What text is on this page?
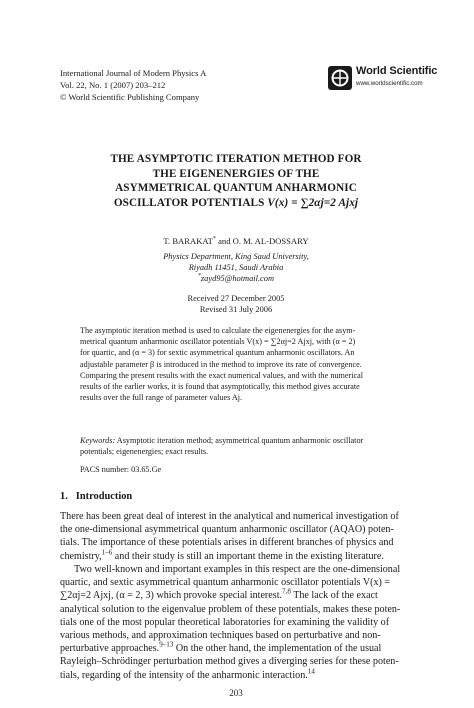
International Journal of Modern Physics A
Vol. 22, No. 1 (2007) 203–212
© World Scientific Publishing Company
World Scientific
www.worldscientific.com
THE ASYMPTOTIC ITERATION METHOD FOR
THE EIGENENERGIES OF THE
ASYMMETRICAL QUANTUM ANHARMONIC
OSCILLATOR POTENTIALS V(x) = ∑2αj=2 Ajxj
T. BARAKAT* and O. M. AL-DOSSARY
Physics Department, King Saud University,
Riyadh 11451, Saudi Arabia
*zayd95@hotmail.com
Received 27 December 2005
Revised 31 July 2006
The asymptotic iteration method is used to calculate the eigenenergies for the asym-
metrical quantum anharmonic oscillator potentials V(x) = ∑2αj=2 Ajxj, with (α = 2)
for quartic, and (α = 3) for sextic asymmetrical quantum anharmonic oscillators. An
adjustable parameter β is introduced in the method to improve its rate of convergence.
Comparing the present results with the exact numerical values, and with the numerical
results of the earlier works, it is found that asymptotically, this method gives accurate
results over the full range of parameter values Aj.
Keywords: Asymptotic iteration method; asymmetrical quantum anharmonic oscillator
potentials; eigenenergies; exact results.
PACS number: 03.65.Ge
1. Introduction
There has been great deal of interest in the analytical and numerical investigation of
the one-dimensional asymmetrical quantum anharmonic oscillator (AQAO) poten-
tials. The importance of these potentials arises in different branches of physics and
chemistry,$^{1-6}$ and their study is still an important theme in the existing literature.
Two well-known and important examples in this respect are the one-dimensional
quartic, and sextic asymmetrical quantum anharmonic oscillator potentials V(x) =
∑2αj=2 Ajxj, (α = 2, 3) which provoke special interest.$^{7,8}$ The lack of the exact
analytical solution to the eigenvalue problem of these potentials, makes these poten-
tials one of the most popular theoretical laboratories for examining the validity of
various methods, and approximation techniques based on perturbative and non-
perturbative approaches.$^{9-13}$ On the other hand, the implementation of the usual
Rayleigh–Schrödinger perturbation method gives a diverging series for these poten-
tials, regarding of the intensity of the anharmonic interaction.$^{14}$
203
